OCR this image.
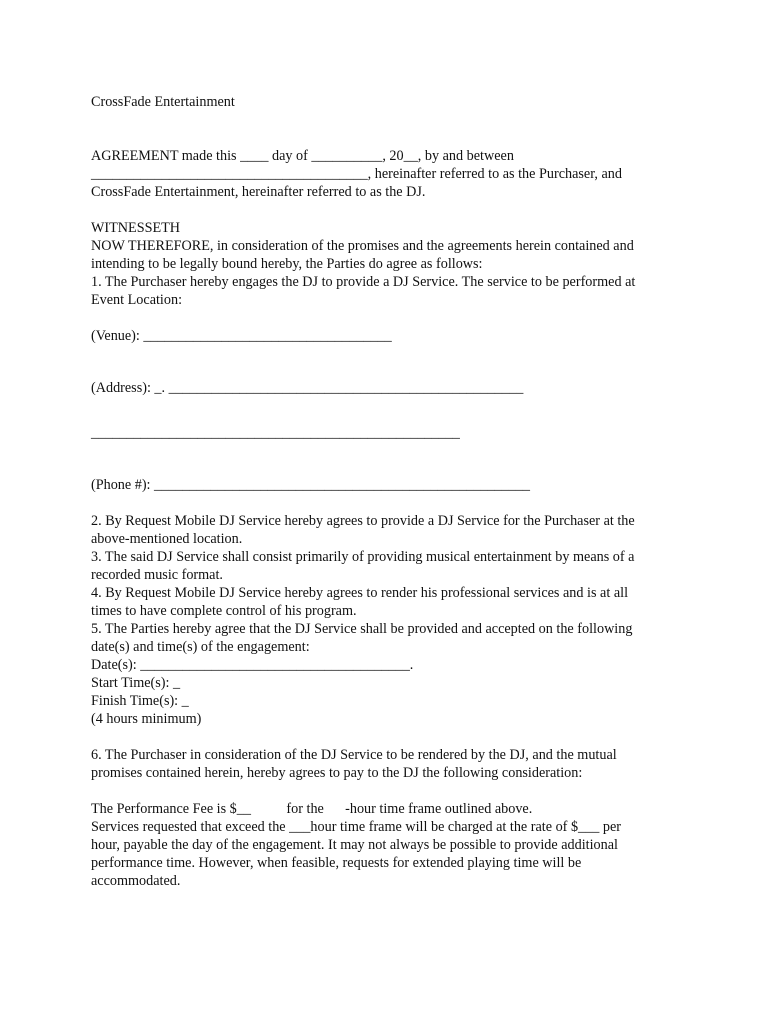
CrossFade Entertainment

AGREEMENT made this ____ day of __________, 20__, by and between

_______________________________________, hereinafter referred to as the Purchaser, and

CrossFade Entertainment, hereinafter referred to as the DJ.

WITNESSETH

NOW THEREFORE, in consideration of the promises and the agreements herein contained and

intending to be legally bound hereby, the Parties do agree as follows:

1. The Purchaser hereby engages the DJ to provide a DJ Service. The service to be performed at

Event Location:

(Venue): ___________________________________

(Address): _. __________________________________________________

____________________________________________________

(Phone #): _____________________________________________________

2. By Request Mobile DJ Service hereby agrees to provide a DJ Service for the Purchaser at the

above-mentioned location.

3. The said DJ Service shall consist primarily of providing musical entertainment by means of a

recorded music format.

4. By Request Mobile DJ Service hereby agrees to render his professional services and is at all

times to have complete control of his program.

5. The Parties hereby agree that the DJ Service shall be provided and accepted on the following

date(s) and time(s) of the engagement:

Date(s): ______________________________________.

Start Time(s): _

Finish Time(s): _

(4 hours minimum)

6. The Purchaser in consideration of the DJ Service to be rendered by the DJ, and the mutual

promises contained herein, hereby agrees to pay to the DJ the following consideration:

The Performance Fee is $__          for the      -hour time frame outlined above.

Services requested that exceed the ___hour time frame will be charged at the rate of $___ per

hour, payable the day of the engagement. It may not always be possible to provide additional

performance time. However, when feasible, requests for extended playing time will be

accommodated.
